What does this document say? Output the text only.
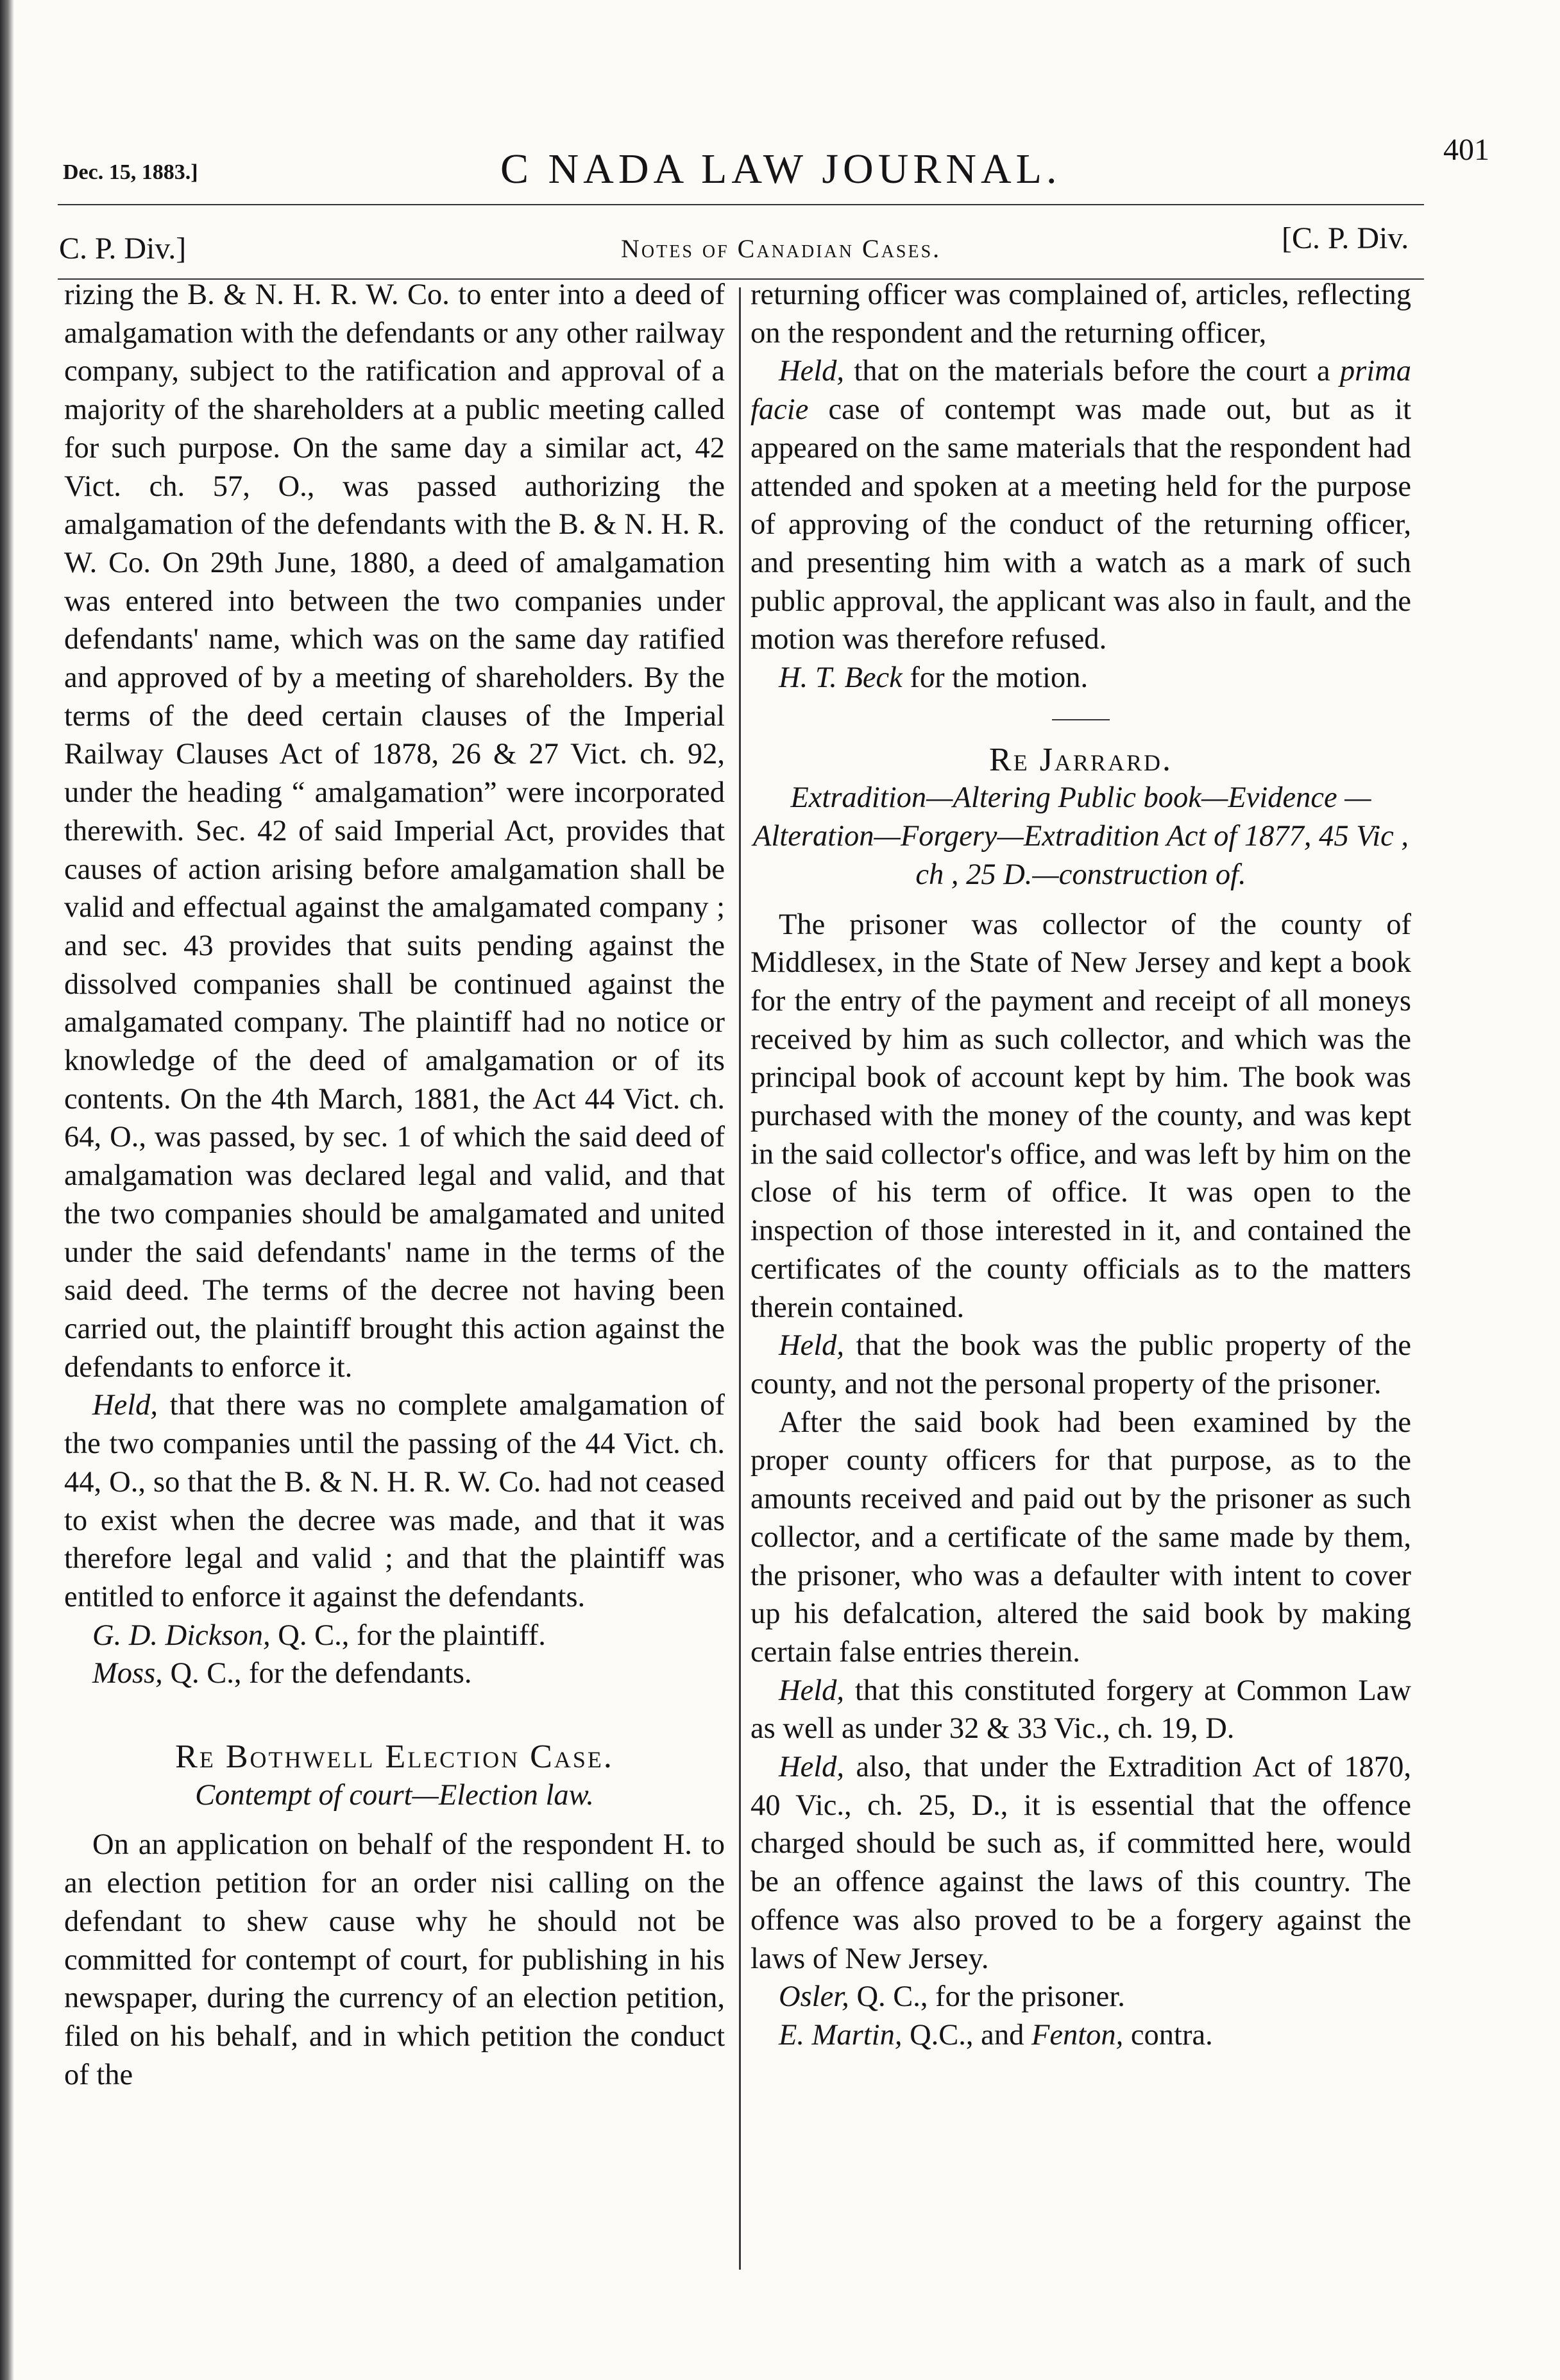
Dec. 15, 1883.]	C NADA LAW JOURNAL.	401
C. P. Div.]	Notes of Canadian Cases.	[C. P. Div.

rizing the B. & N. H. R. W. Co. to enter into a deed of amalgamation with the defendants or any other railway company, subject to the ratification and approval of a majority of the shareholders at a public meeting called for such purpose. On the same day a similar act, 42 Vict. ch. 57, O., was passed authorizing the amalgamation of the defendants with the B. & N. H. R. W. Co. On 29th June, 1880, a deed of amalgamation was entered into between the two companies under defendants' name, which was on the same day ratified and approved of by a meeting of shareholders. By the terms of the deed certain clauses of the Imperial Railway Clauses Act of 1878, 26 & 27 Vict. ch. 92, under the heading “ amalgamation” were incorporated therewith. Sec. 42 of said Imperial Act, provides that causes of action arising before amalgamation shall be valid and effectual against the amalgamated company ; and sec. 43 provides that suits pending against the dissolved companies shall be continued against the amalgamated company. The plaintiff had no notice or knowledge of the deed of amalgamation or of its contents. On the 4th March, 1881, the Act 44 Vict. ch. 64, O., was passed, by sec. 1 of which the said deed of amalgamation was declared legal and valid, and that the two companies should be amalgamated and united under the said defendants' name in the terms of the said deed. The terms of the decree not having been carried out, the plaintiff brought this action against the defendants to enforce it.

Held, that there was no complete amalgamation of the two companies until the passing of the 44 Vict. ch. 44, O., so that the B. & N. H. R. W. Co. had not ceased to exist when the decree was made, and that it was therefore legal and valid ; and that the plaintiff was entitled to enforce it against the defendants.

G. D. Dickson, Q. C., for the plaintiff.

Moss, Q. C., for the defendants.

Re Bothwell Election Case.

Contempt of court—Election law.

On an application on behalf of the respondent H. to an election petition for an order nisi calling on the defendant to shew cause why he should not be committed for contempt of court, for publishing in his newspaper, during the currency of an election petition, filed on his behalf, and in which petition the conduct of the

returning officer was complained of, articles, reflecting on the respondent and the returning officer,

Held, that on the materials before the court a prima facie case of contempt was made out, but as it appeared on the same materials that the respondent had attended and spoken at a meeting held for the purpose of approving of the conduct of the returning officer, and presenting him with a watch as a mark of such public approval, the applicant was also in fault, and the motion was therefore refused.

H. T. Beck for the motion.

Re Jarrard.

Extradition—Altering Public book—Evidence —Alteration—Forgery—Extradition Act of 1877, 45 Vic , ch , 25 D.—construction of.

The prisoner was collector of the county of Middlesex, in the State of New Jersey and kept a book for the entry of the payment and receipt of all moneys received by him as such collector, and which was the principal book of account kept by him. The book was purchased with the money of the county, and was kept in the said collector's office, and was left by him on the close of his term of office. It was open to the inspection of those interested in it, and contained the certificates of the county officials as to the matters therein contained.

Held, that the book was the public property of the county, and not the personal property of the prisoner.

After the said book had been examined by the proper county officers for that purpose, as to the amounts received and paid out by the prisoner as such collector, and a certificate of the same made by them, the prisoner, who was a defaulter with intent to cover up his defalcation, altered the said book by making certain false entries therein.

Held, that this constituted forgery at Common Law as well as under 32 & 33 Vic., ch. 19, D.

Held, also, that under the Extradition Act of 1870, 40 Vic., ch. 25, D., it is essential that the offence charged should be such as, if committed here, would be an offence against the laws of this country. The offence was also proved to be a forgery against the laws of New Jersey.

Osler, Q. C., for the prisoner.

E. Martin, Q.C., and Fenton, contra.
